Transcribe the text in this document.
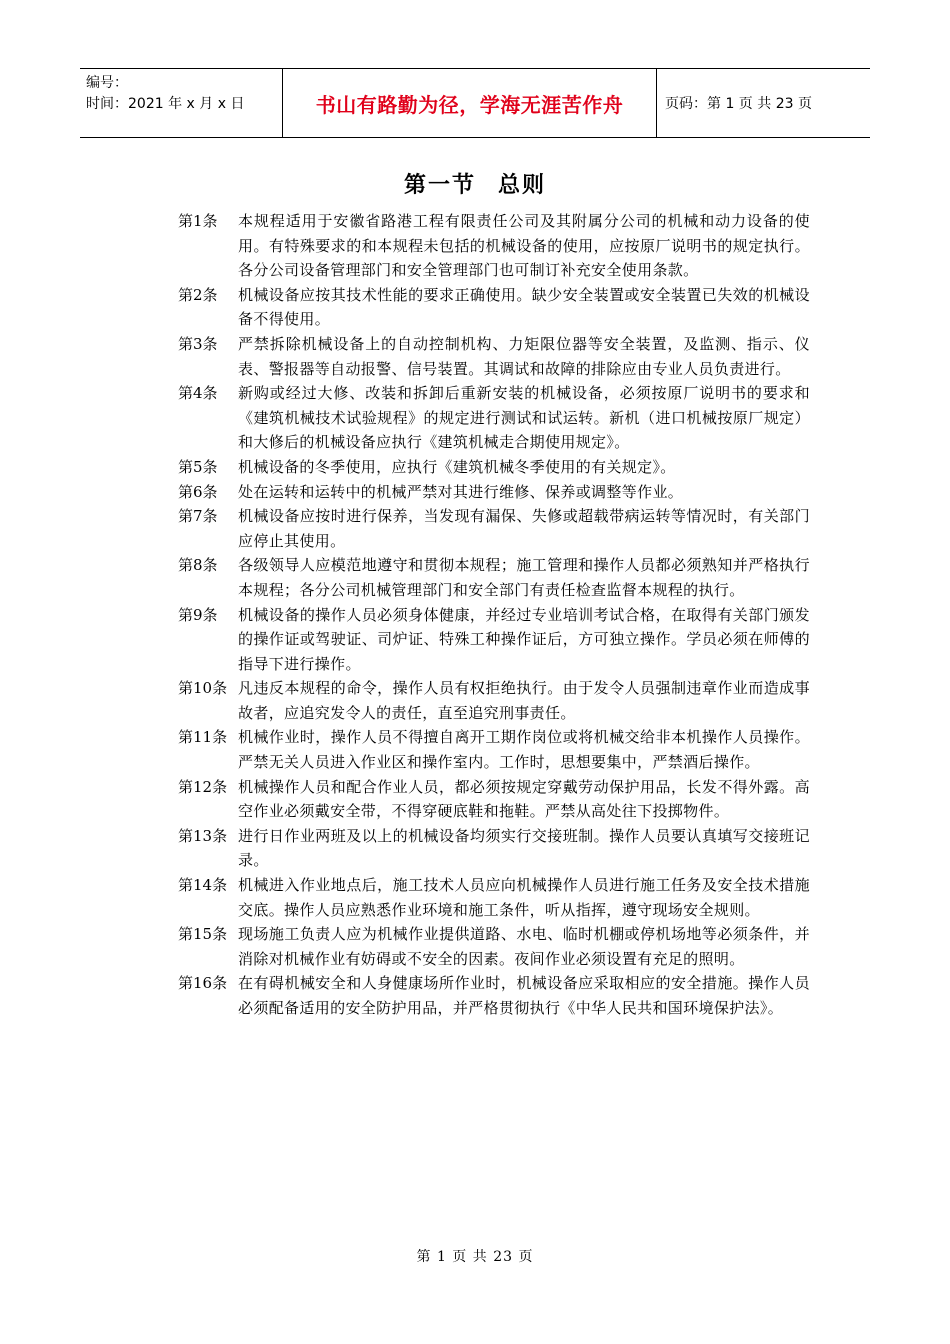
编号：
时间：2021 年 x 月 x 日	书山有路勤为径，学海无涯苦作舟	页码：第 1 页 共 23 页
第一节 总则
第1条	本规程适用于安徽省路港工程有限责任公司及其附属分公司的机械和动力设备的使用。有特殊要求的和本规程未包括的机械设备的使用，应按原厂说明书的规定执行。各分公司设备管理部门和安全管理部门也可制订补充安全使用条款。
第2条	机械设备应按其技术性能的要求正确使用。缺少安全装置或安全装置已失效的机械设备不得使用。
第3条	严禁拆除机械设备上的自动控制机构、力矩限位器等安全装置，及监测、指示、仪表、警报器等自动报警、信号装置。其调试和故障的排除应由专业人员负责进行。
第4条	新购或经过大修、改装和拆卸后重新安装的机械设备，必须按原厂说明书的要求和《建筑机械技术试验规程》的规定进行测试和试运转。新机（进口机械按原厂规定）和大修后的机械设备应执行《建筑机械走合期使用规定》。
第5条	机械设备的冬季使用，应执行《建筑机械冬季使用的有关规定》。
第6条	处在运转和运转中的机械严禁对其进行维修、保养或调整等作业。
第7条	机械设备应按时进行保养，当发现有漏保、失修或超载带病运转等情况时，有关部门应停止其使用。
第8条	各级领导人应模范地遵守和贯彻本规程；施工管理和操作人员都必须熟知并严格执行本规程；各分公司机械管理部门和安全部门有责任检查监督本规程的执行。
第9条	机械设备的操作人员必须身体健康，并经过专业培训考试合格，在取得有关部门颁发的操作证或驾驶证、司炉证、特殊工种操作证后，方可独立操作。学员必须在师傅的指导下进行操作。
第10条 凡违反本规程的命令，操作人员有权拒绝执行。由于发令人员强制违章作业而造成事故者，应追究发令人的责任，直至追究刑事责任。
第11条 机械作业时，操作人员不得擅自离开工期作岗位或将机械交给非本机操作人员操作。严禁无关人员进入作业区和操作室内。工作时，思想要集中，严禁酒后操作。
第12条 机械操作人员和配合作业人员，都必须按规定穿戴劳动保护用品，长发不得外露。高空作业必须戴安全带，不得穿硬底鞋和拖鞋。严禁从高处往下投掷物件。
第13条 进行日作业两班及以上的机械设备均须实行交接班制。操作人员要认真填写交接班记录。
第14条 机械进入作业地点后，施工技术人员应向机械操作人员进行施工任务及安全技术措施交底。操作人员应熟悉作业环境和施工条件，听从指挥，遵守现场安全规则。
第15条 现场施工负责人应为机械作业提供道路、水电、临时机棚或停机场地等必须条件，并消除对机械作业有妨碍或不安全的因素。夜间作业必须设置有充足的照明。
第16条 在有碍机械安全和人身健康场所作业时，机械设备应采取相应的安全措施。操作人员必须配备适用的安全防护用品，并严格贯彻执行《中华人民共和国环境保护法》。
第 1 页 共 23 页
